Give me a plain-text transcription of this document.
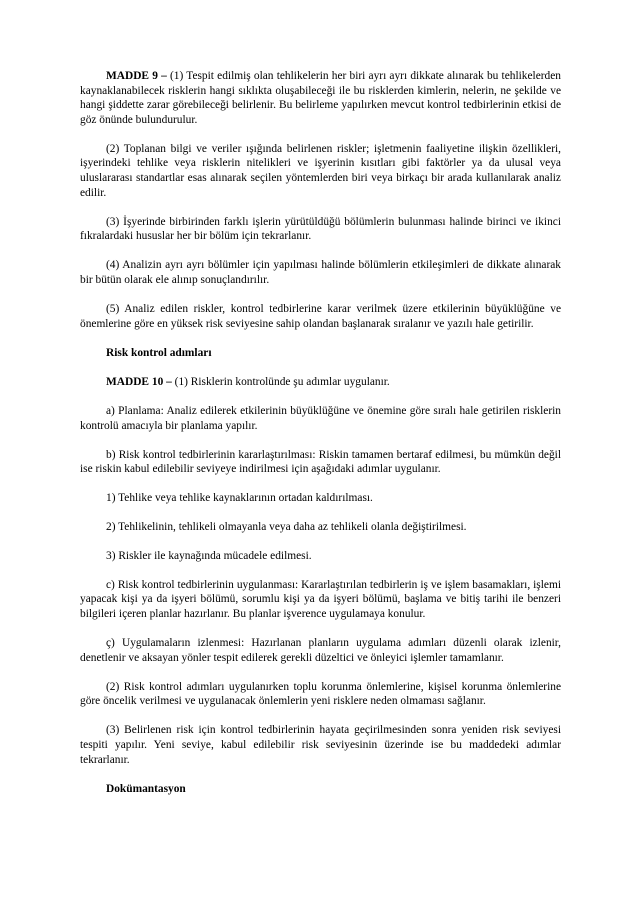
MADDE 9 – (1) Tespit edilmiş olan tehlikelerin her biri ayrı ayrı dikkate alınarak bu tehlikelerden kaynaklanabilecek risklerin hangi sıklıkta oluşabileceği ile bu risklerden kimlerin, nelerin, ne şekilde ve hangi şiddette zarar görebileceği belirlenir. Bu belirleme yapılırken mevcut kontrol tedbirlerinin etkisi de göz önünde bulundurulur.

(2) Toplanan bilgi ve veriler ışığında belirlenen riskler; işletmenin faaliyetine ilişkin özellikleri, işyerindeki tehlike veya risklerin nitelikleri ve işyerinin kısıtları gibi faktörler ya da ulusal veya uluslararası standartlar esas alınarak seçilen yöntemlerden biri veya birkaçı bir arada kullanılarak analiz edilir.

(3) İşyerinde birbirinden farklı işlerin yürütüldüğü bölümlerin bulunması halinde birinci ve ikinci fıkralardaki hususlar her bir bölüm için tekrarlanır.

(4) Analizin ayrı ayrı bölümler için yapılması halinde bölümlerin etkileşimleri de dikkate alınarak bir bütün olarak ele alınıp sonuçlandırılır.

(5) Analiz edilen riskler, kontrol tedbirlerine karar verilmek üzere etkilerinin büyüklüğüne ve önemlerine göre en yüksek risk seviyesine sahip olandan başlanarak sıralanır ve yazılı hale getirilir.

Risk kontrol adımları

MADDE 10 – (1) Risklerin kontrolünde şu adımlar uygulanır.

a) Planlama: Analiz edilerek etkilerinin büyüklüğüne ve önemine göre sıralı hale getirilen risklerin kontrolü amacıyla bir planlama yapılır.

b) Risk kontrol tedbirlerinin kararlaştırılması: Riskin tamamen bertaraf edilmesi, bu mümkün değil ise riskin kabul edilebilir seviyeye indirilmesi için aşağıdaki adımlar uygulanır.

1) Tehlike veya tehlike kaynaklarının ortadan kaldırılması.

2) Tehlikelinin, tehlikeli olmayanla veya daha az tehlikeli olanla değiştirilmesi.

3) Riskler ile kaynağında mücadele edilmesi.

c) Risk kontrol tedbirlerinin uygulanması: Kararlaştırılan tedbirlerin iş ve işlem basamakları, işlemi yapacak kişi ya da işyeri bölümü, sorumlu kişi ya da işyeri bölümü, başlama ve bitiş tarihi ile benzeri bilgileri içeren planlar hazırlanır. Bu planlar işverence uygulamaya konulur.

ç) Uygulamaların izlenmesi: Hazırlanan planların uygulama adımları düzenli olarak izlenir, denetlenir ve aksayan yönler tespit edilerek gerekli düzeltici ve önleyici işlemler tamamlanır.

(2) Risk kontrol adımları uygulanırken toplu korunma önlemlerine, kişisel korunma önlemlerine göre öncelik verilmesi ve uygulanacak önlemlerin yeni risklere neden olmaması sağlanır.

(3) Belirlenen risk için kontrol tedbirlerinin hayata geçirilmesinden sonra yeniden risk seviyesi tespiti yapılır. Yeni seviye, kabul edilebilir risk seviyesinin üzerinde ise bu maddedeki adımlar tekrarlanır.

Dokümantasyon
